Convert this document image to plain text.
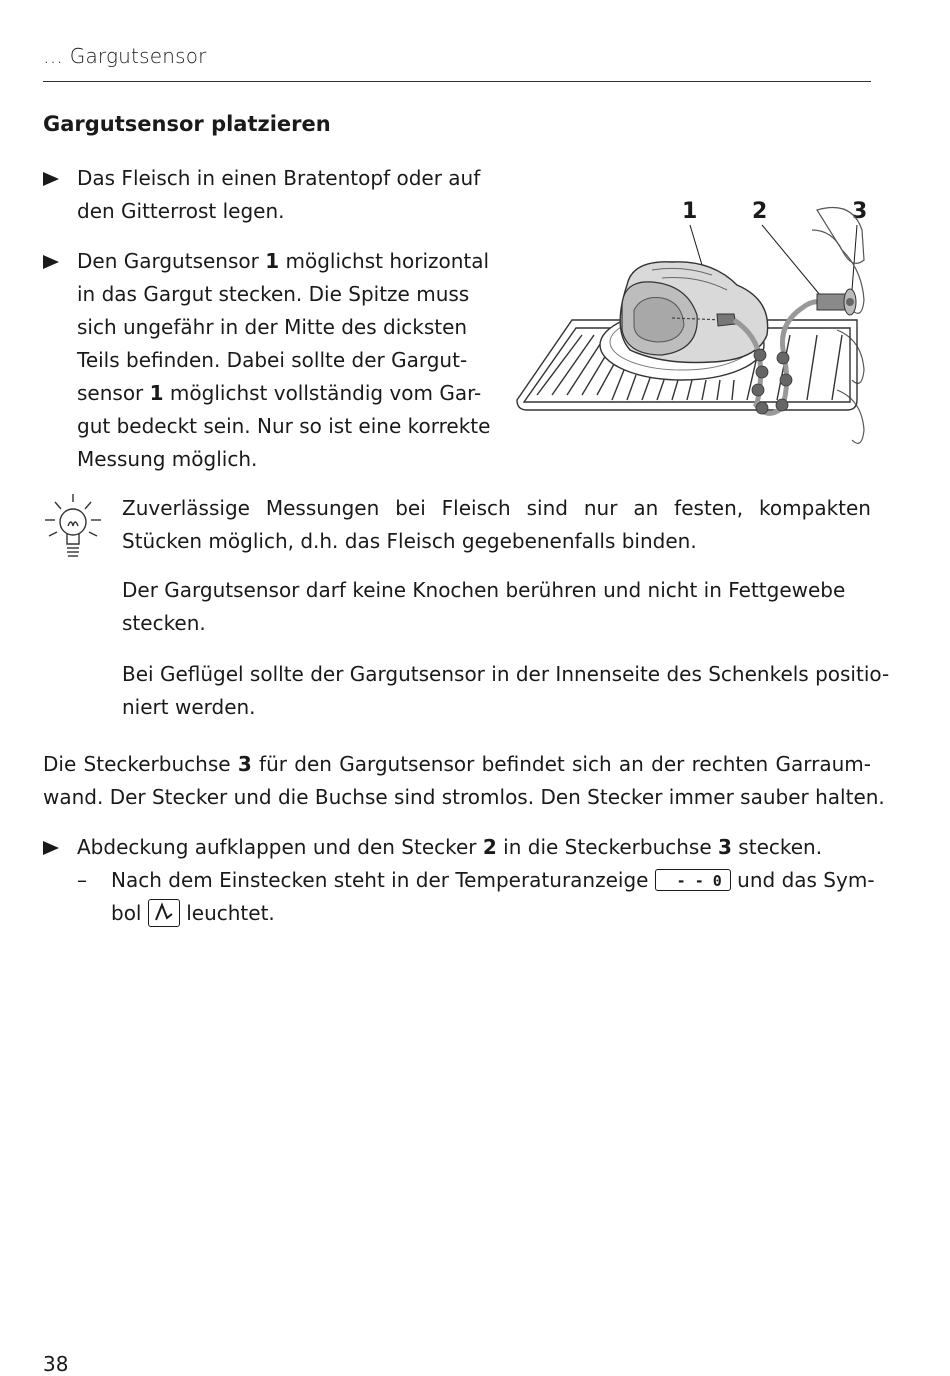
… Gargutsensor
Gargutsensor platzieren
Das Fleisch in einen Bratentopf oder auf
den Gitterrost legen.
Den Gargutsensor 1 möglichst horizontal
in das Gargut stecken. Die Spitze muss
sich ungefähr in der Mitte des dicksten
Teils befinden. Dabei sollte der Gargut-
sensor 1 möglichst vollständig vom Gar-
gut bedeckt sein. Nur so ist eine korrekte
Messung möglich.
1 2	3
Zuverlässige Messungen bei Fleisch sind nur an festen, kompakten Stücken möglich, d.h. das Fleisch gegebenenfalls binden.
Der Gargutsensor darf keine Knochen berühren und nicht in Fettgewebe stecken.
Bei Geflügel sollte der Gargutsensor in der Innenseite des Schenkels positio-
niert werden.
Die Steckerbuchse 3 für den Gargutsensor befindet sich an der rechten Garraum-
wand. Der Stecker und die Buchse sind stromlos. Den Stecker immer sauber halten.
Abdeckung aufklappen und den Stecker 2 in die Steckerbuchse 3 stecken.
– Nach dem Einstecken steht in der Temperaturanzeige - - 0 und das Sym-
bol leuchtet.
38
